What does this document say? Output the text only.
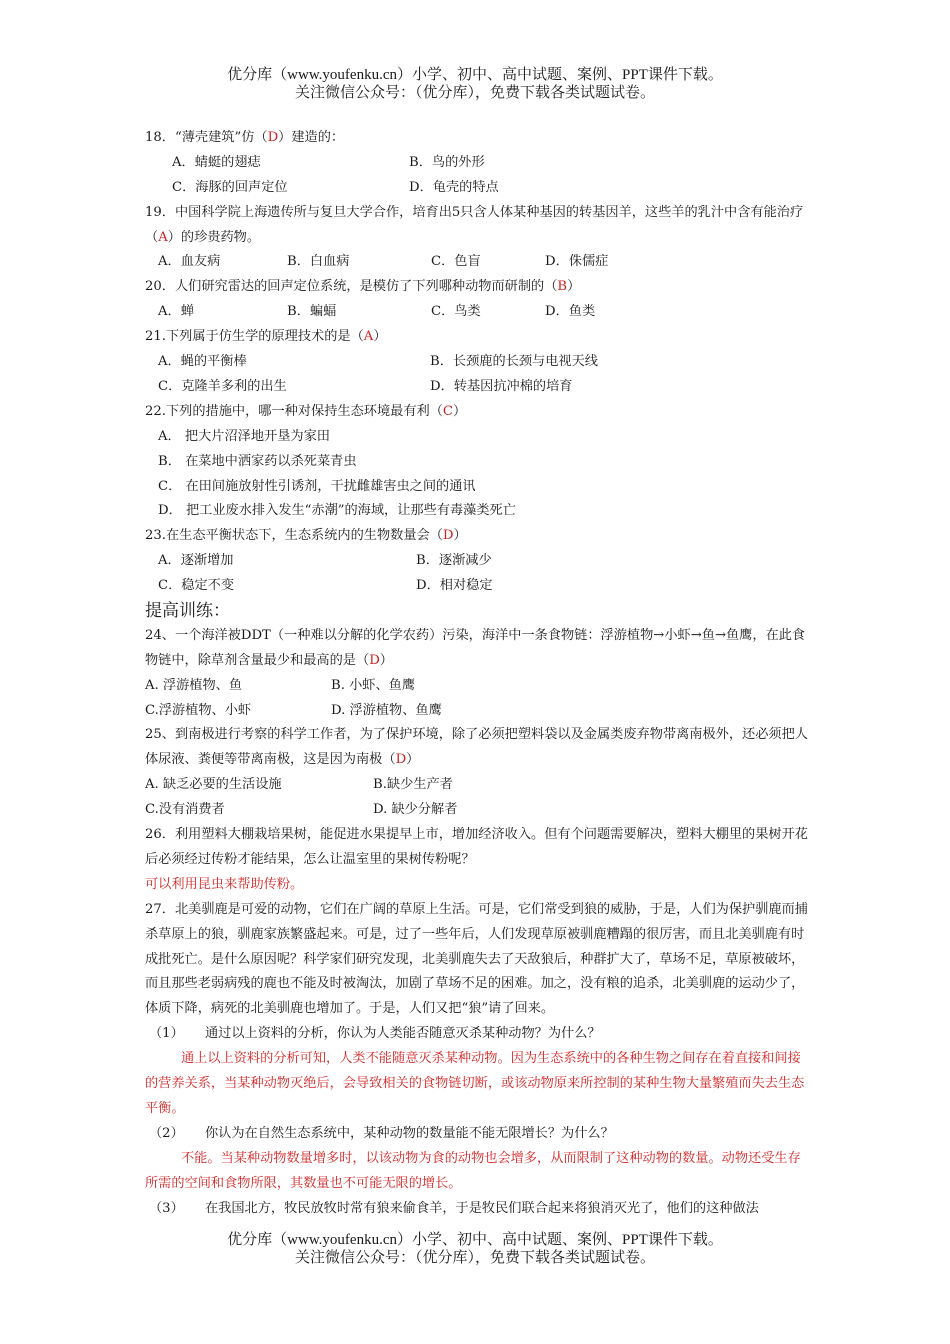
优分库（www.youfenku.cn）小学、初中、高中试题、案例、PPT课件下载。
关注微信公众号：（优分库），免费下载各类试题试卷。
18．“薄壳建筑”仿（D）建造的：
A．蜻蜓的翅痣	B．鸟的外形
C．海豚的回声定位	D．龟壳的特点
19．中国科学院上海遗传所与复旦大学合作，培育出5只含人体某种基因的转基因羊，这些羊的乳汁中含有能治疗（A）的珍贵药物。
A．血友病	B．白血病	C．色盲	D．侏儒症
20．人们研究雷达的回声定位系统，是模仿了下列哪种动物而研制的（B）
A．蝉	B．蝙蝠	C．鸟类	D．鱼类
21.下列属于仿生学的原理技术的是（A）
A．蝇的平衡棒	B．长颈鹿的长颈与电视天线
C．克隆羊多利的出生	D．转基因抗冲棉的培育
22.下列的措施中，哪一种对保持生态环境最有利（C）
A． 把大片沼泽地开垦为家田
B． 在菜地中洒家药以杀死菜青虫
C． 在田间施放射性引诱剂，干扰雌雄害虫之间的通讯
D． 把工业废水排入发生“赤潮”的海域，让那些有毒藻类死亡
23.在生态平衡状态下，生态系统内的生物数量会（D）
A．逐渐增加	B．逐渐减少
C．稳定不变	D．相对稳定
提高训练：
24、一个海洋被DDT（一种难以分解的化学农药）污染，海洋中一条食物链：浮游植物→小虾→鱼→鱼鹰，在此食物链中，除草剂含量最少和最高的是（D）
A. 浮游植物、鱼	B. 小虾、鱼鹰
C.浮游植物、小虾	D. 浮游植物、鱼鹰
25、到南极进行考察的科学工作者，为了保护环境，除了必须把塑料袋以及金属类废弃物带离南极外，还必须把人体尿液、粪便等带离南极，这是因为南极（D）
A. 缺乏必要的生活设施	B.缺少生产者
C.没有消费者	D. 缺少分解者
26．利用塑料大棚栽培果树，能促进水果提早上市，增加经济收入。但有个问题需要解决，塑料大棚里的果树开花后必须经过传粉才能结果，怎么让温室里的果树传粉呢？
可以利用昆虫来帮助传粉。
27．北美驯鹿是可爱的动物，它们在广阔的草原上生活。可是，它们常受到狼的威胁，于是，人们为保护驯鹿而捕杀草原上的狼，驯鹿家族繁盛起来。可是，过了一些年后，人们发现草原被驯鹿糟蹋的很厉害，而且北美驯鹿有时成批死亡。是什么原因呢？科学家们研究发现，北美驯鹿失去了天敌狼后，种群扩大了，草场不足，草原被破坏，而且那些老弱病残的鹿也不能及时被淘汰，加剧了草场不足的困难。加之，没有粮的追杀，北美驯鹿的运动少了，体质下降，病死的北美驯鹿也增加了。于是，人们又把“狼”请了回来。
（1） 通过以上资料的分析，你认为人类能否随意灭杀某种动物？为什么？
通上以上资料的分析可知，人类不能随意灭杀某种动物。因为生态系统中的各种生物之间存在着直接和间接的营养关系，当某种动物灭绝后，会导致相关的食物链切断，或该动物原来所控制的某种生物大量繁殖而失去生态平衡。
（2） 你认为在自然生态系统中，某种动物的数量能不能无限增长？为什么？
不能。当某种动物数量增多时，以该动物为食的动物也会增多，从而限制了这种动物的数量。动物还受生存所需的空间和食物所限，其数量也不可能无限的增长。
（3） 在我国北方，牧民放牧时常有狼来偷食羊，于是牧民们联合起来将狼消灭光了，他们的这种做法
优分库（www.youfenku.cn）小学、初中、高中试题、案例、PPT课件下载。
关注微信公众号：（优分库），免费下载各类试题试卷。
